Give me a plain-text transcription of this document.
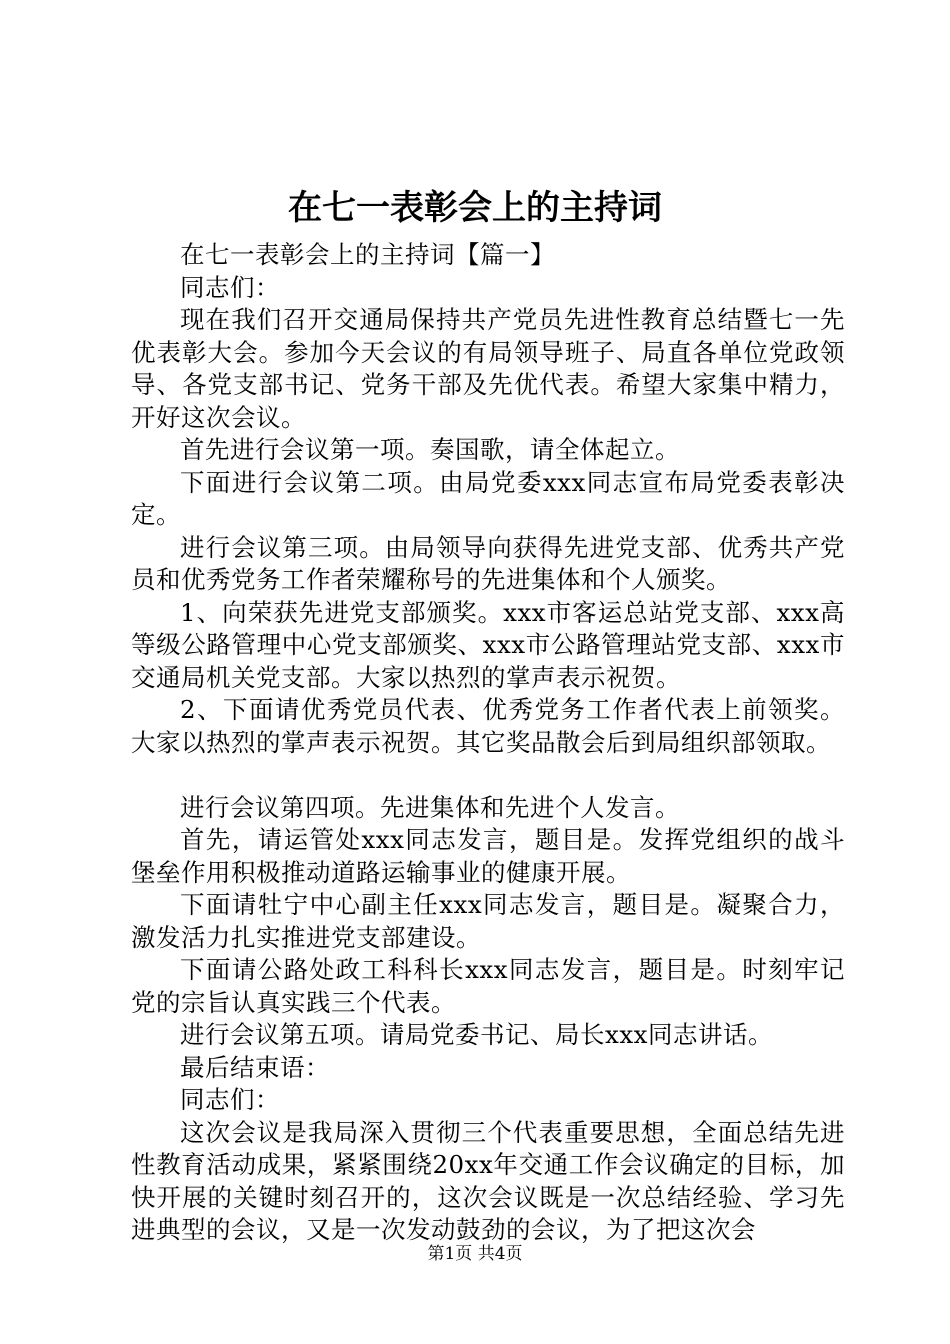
在七一表彰会上的主持词

在七一表彰会上的主持词【篇一】

同志们：

现在我们召开交通局保持共产党员先进性教育总结暨七一先优表彰大会。参加今天会议的有局领导班子、局直各单位党政领导、各党支部书记、党务干部及先优代表。希望大家集中精力，开好这次会议。

首先进行会议第一项。奏国歌，请全体起立。

下面进行会议第二项。由局党委xxx同志宣布局党委表彰决定。

进行会议第三项。由局领导向获得先进党支部、优秀共产党员和优秀党务工作者荣耀称号的先进集体和个人颁奖。

1、向荣获先进党支部颁奖。xxx市客运总站党支部、xxx高等级公路管理中心党支部颁奖、xxx市公路管理站党支部、xxx市交通局机关党支部。大家以热烈的掌声表示祝贺。

2、下面请优秀党员代表、优秀党务工作者代表上前领奖。大家以热烈的掌声表示祝贺。其它奖品散会后到局组织部领取。

进行会议第四项。先进集体和先进个人发言。

首先，请运管处xxx同志发言，题目是。发挥党组织的战斗堡垒作用积极推动道路运输事业的健康开展。

下面请牡宁中心副主任xxx同志发言，题目是。凝聚合力，激发活力扎实推进党支部建设。

下面请公路处政工科科长xxx同志发言，题目是。时刻牢记党的宗旨认真实践三个代表。

进行会议第五项。请局党委书记、局长xxx同志讲话。

最后结束语：

同志们：

这次会议是我局深入贯彻三个代表重要思想，全面总结先进性教育活动成果，紧紧围绕20xx年交通工作会议确定的目标，加快开展的关键时刻召开的，这次会议既是一次总结经验、学习先进典型的会议，又是一次发动鼓劲的会议，为了把这次会

第1页 共4页
